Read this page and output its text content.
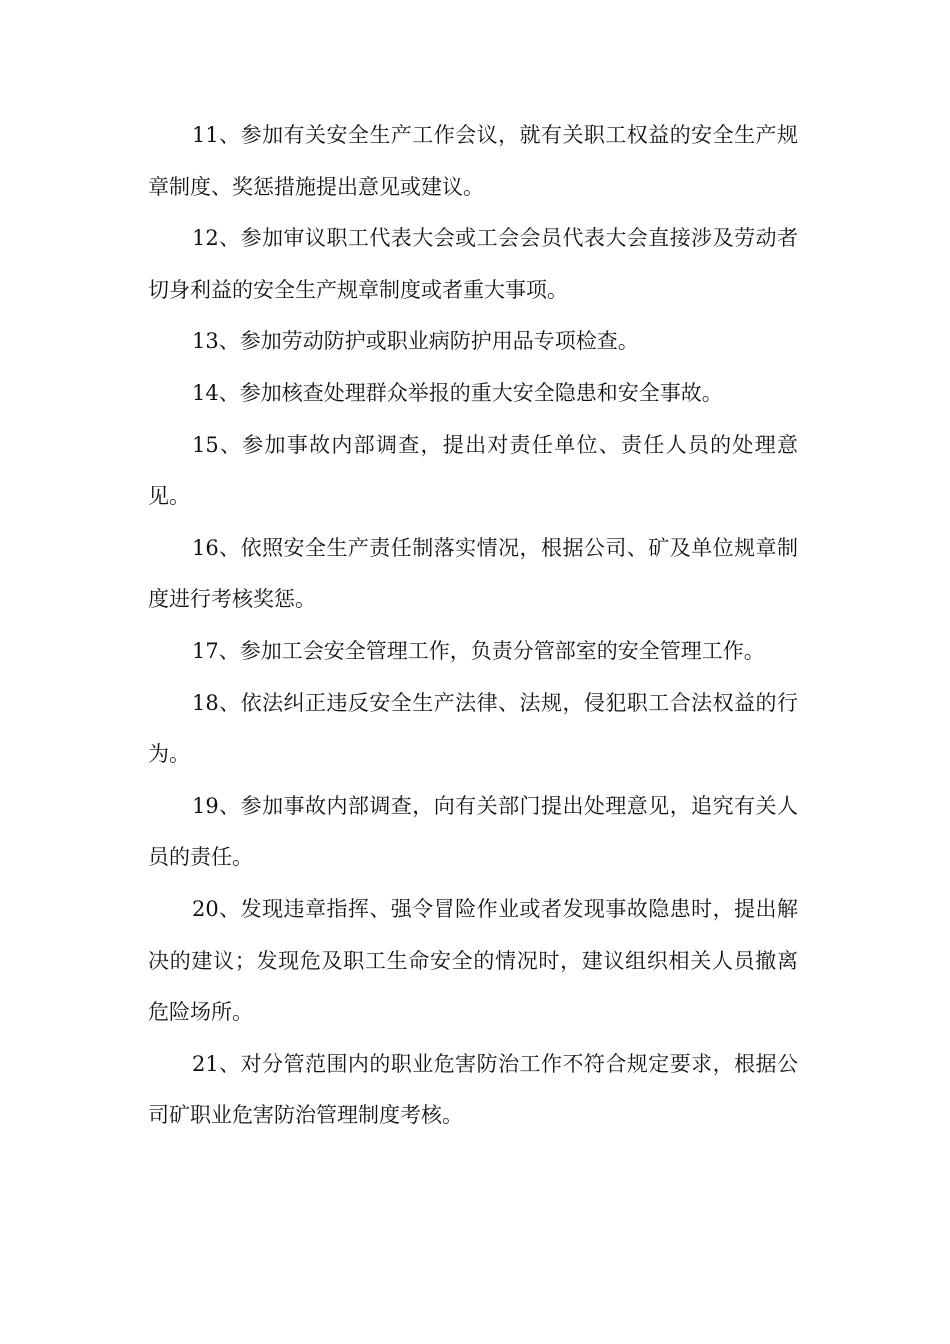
11、参加有关安全生产工作会议，就有关职工权益的安全生产规章制度、奖惩措施提出意见或建议。

12、参加审议职工代表大会或工会会员代表大会直接涉及劳动者切身利益的安全生产规章制度或者重大事项。

13、参加劳动防护或职业病防护用品专项检查。

14、参加核查处理群众举报的重大安全隐患和安全事故。

15、参加事故内部调查，提出对责任单位、责任人员的处理意见。

16、依照安全生产责任制落实情况，根据公司、矿及单位规章制度进行考核奖惩。

17、参加工会安全管理工作，负责分管部室的安全管理工作。

18、依法纠正违反安全生产法律、法规，侵犯职工合法权益的行为。

19、参加事故内部调查，向有关部门提出处理意见，追究有关人员的责任。

20、发现违章指挥、强令冒险作业或者发现事故隐患时，提出解决的建议；发现危及职工生命安全的情况时，建议组织相关人员撤离危险场所。

21、对分管范围内的职业危害防治工作不符合规定要求，根据公司矿职业危害防治管理制度考核。
